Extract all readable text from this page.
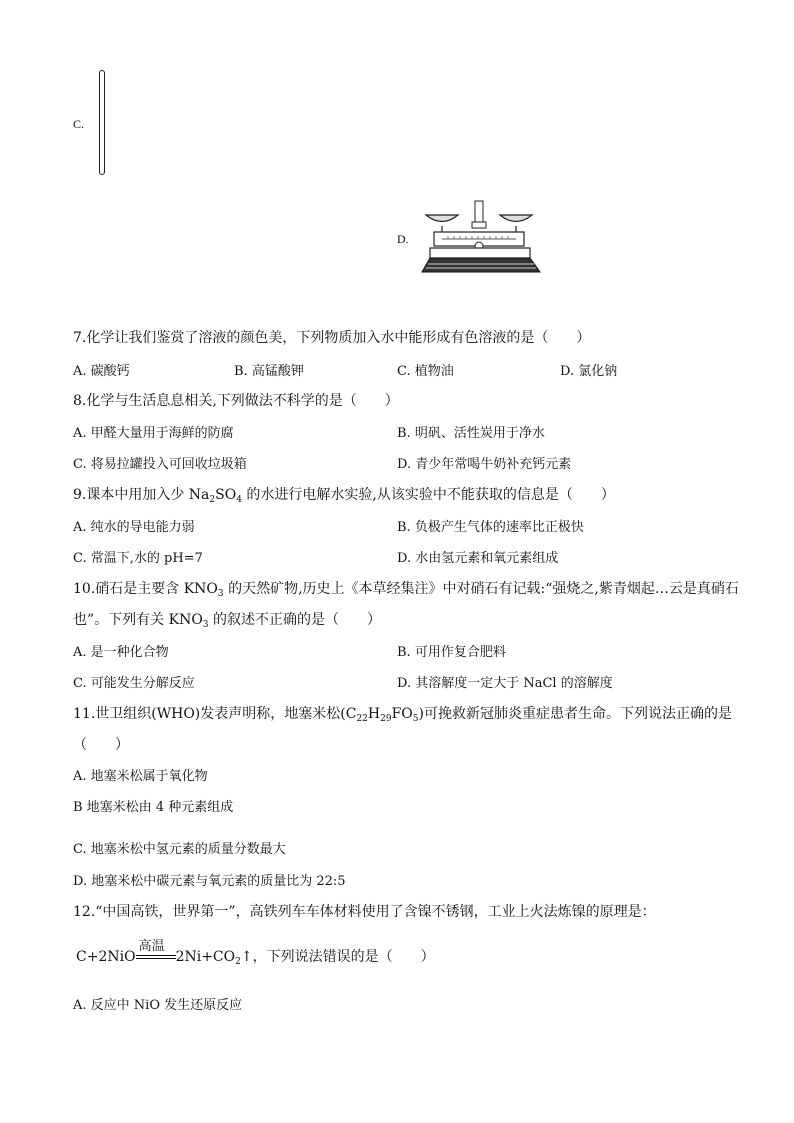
C.
D.
7.化学让我们鉴赏了溶液的颜色美，下列物质加入水中能形成有色溶液的是（　　）
A. 碳酸钙	B. 高锰酸钾	C. 植物油	D. 氯化钠
8.化学与生活息息相关,下列做法不科学的是（　　）
A. 甲醛大量用于海鲜的防腐	B. 明矾、活性炭用于净水
C. 将易拉罐投入可回收垃圾箱	D. 青少年常喝牛奶补充钙元素
9.课本中用加入少 $Na_2SO_4$ 的水进行电解水实验,从该实验中不能获取的信息是（　　）
A. 纯水的导电能力弱	B. 负极产生气体的速率比正极快
C. 常温下,水的 pH=7	D. 水由氢元素和氧元素组成
10.硝石是主要含 $KNO_3$ 的天然矿物,历史上《本草经集注》中对硝石有记载:“强烧之,紫青烟起…云是真硝石
也”。下列有关 $KNO_3$ 的叙述不正确的是（　　）
A. 是一种化合物	B. 可用作复合肥料
C. 可能发生分解反应	D. 其溶解度一定大于 NaCl 的溶解度
11.世卫组织(WHO)发表声明称，地塞米松$(C_{22}H_{29}FO_5)$可挽救新冠肺炎重症患者生命。下列说法正确的是
（　　）
A. 地塞米松属于氧化物
B 地塞米松由 4 种元素组成
C. 地塞米松中氢元素的质量分数最大
D. 地塞米松中碳元素与氧元素的质量比为 22:5
12.“中国高铁，世界第一”，高铁列车车体材料使用了含镍不锈钢，工业上火法炼镍的原理是：
C+2NiO
高温
$2Ni+CO_2↑$，下列说法错误的是（　　）
A. 反应中 NiO 发生还原反应
